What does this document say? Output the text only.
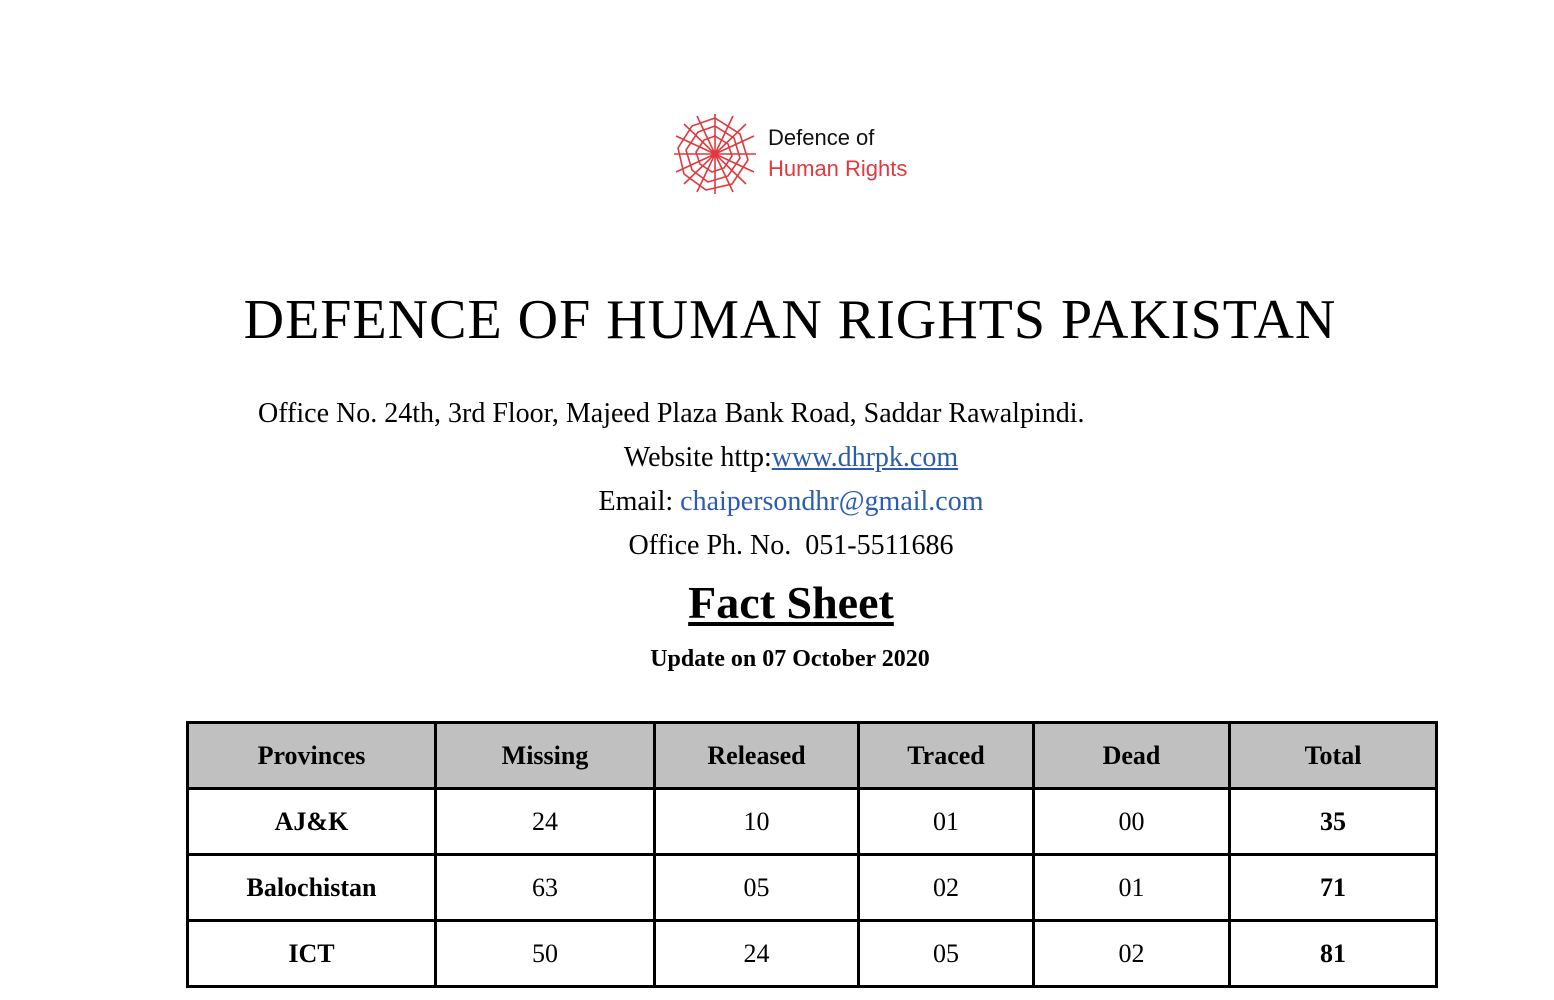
Defence of
Human Rights
DEFENCE OF HUMAN RIGHTS PAKISTAN
Office No. 24th, 3rd Floor, Majeed Plaza Bank Road, Saddar Rawalpindi.
Website http:www.dhrpk.com
Email: chaipersondhr@gmail.com
Office Ph. No.  051-5511686
Fact Sheet
Update on 07 October 2020
Provinces	Missing	Released	Traced	Dead	Total
AJ&K	24	10	01	00	35
Balochistan	63	05	02	01	71
ICT	50	24	05	02	81
